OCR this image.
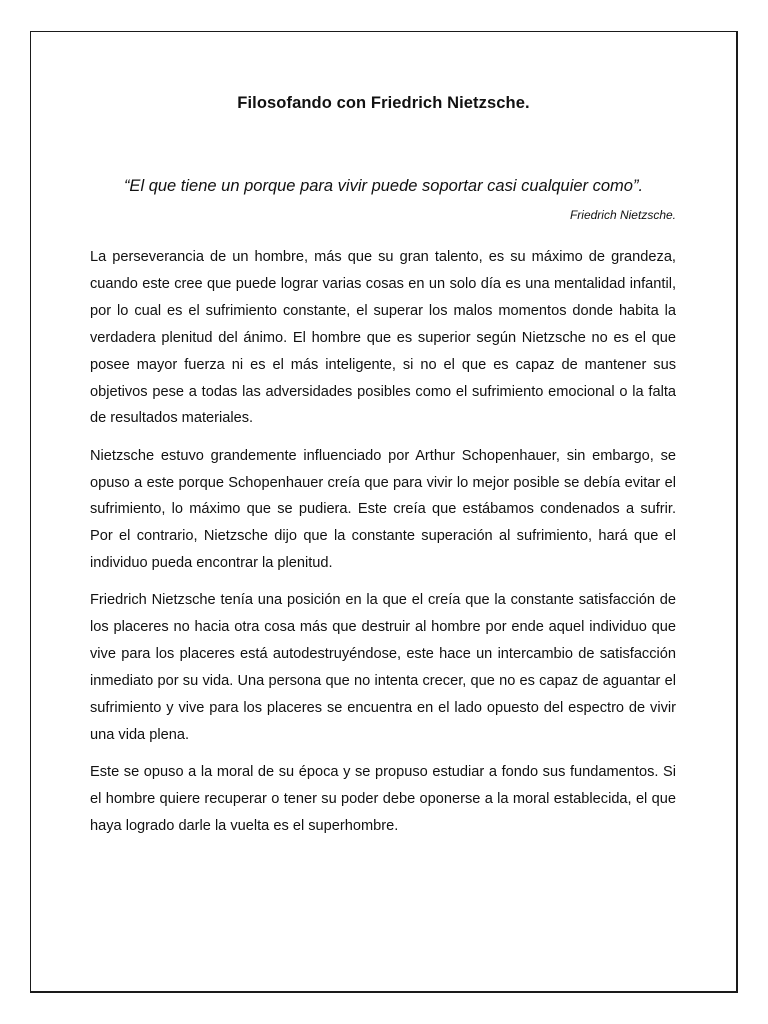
Filosofando con Friedrich Nietzsche.
“El que tiene un porque para vivir puede soportar casi cualquier como”.
Friedrich Nietzsche.

La perseverancia de un hombre, más que su gran talento, es su máximo de grandeza, cuando este cree que puede lograr varias cosas en un solo día es una mentalidad infantil, por lo cual es el sufrimiento constante, el superar los malos momentos donde habita la verdadera plenitud del ánimo. El hombre que es superior según Nietzsche no es el que posee mayor fuerza ni es el más inteligente, si no el que es capaz de mantener sus objetivos pese a todas las adversidades posibles como el sufrimiento emocional o la falta de resultados materiales.

Nietzsche estuvo grandemente influenciado por Arthur Schopenhauer, sin embargo, se opuso a este porque Schopenhauer creía que para vivir lo mejor posible se debía evitar el sufrimiento, lo máximo que se pudiera. Este creía que estábamos condenados a sufrir. Por el contrario, Nietzsche dijo que la constante superación al sufrimiento, hará que el individuo pueda encontrar la plenitud.

Friedrich Nietzsche tenía una posición en la que el creía que la constante satisfacción de los placeres no hacia otra cosa más que destruir al hombre por ende aquel individuo que vive para los placeres está autodestruyéndose, este hace un intercambio de satisfacción inmediato por su vida. Una persona que no intenta crecer, que no es capaz de aguantar el sufrimiento y vive para los placeres se encuentra en el lado opuesto del espectro de vivir una vida plena.

Este se opuso a la moral de su época y se propuso estudiar a fondo sus fundamentos. Si el hombre quiere recuperar o tener su poder debe oponerse a la moral establecida, el que haya logrado darle la vuelta es el superhombre.
